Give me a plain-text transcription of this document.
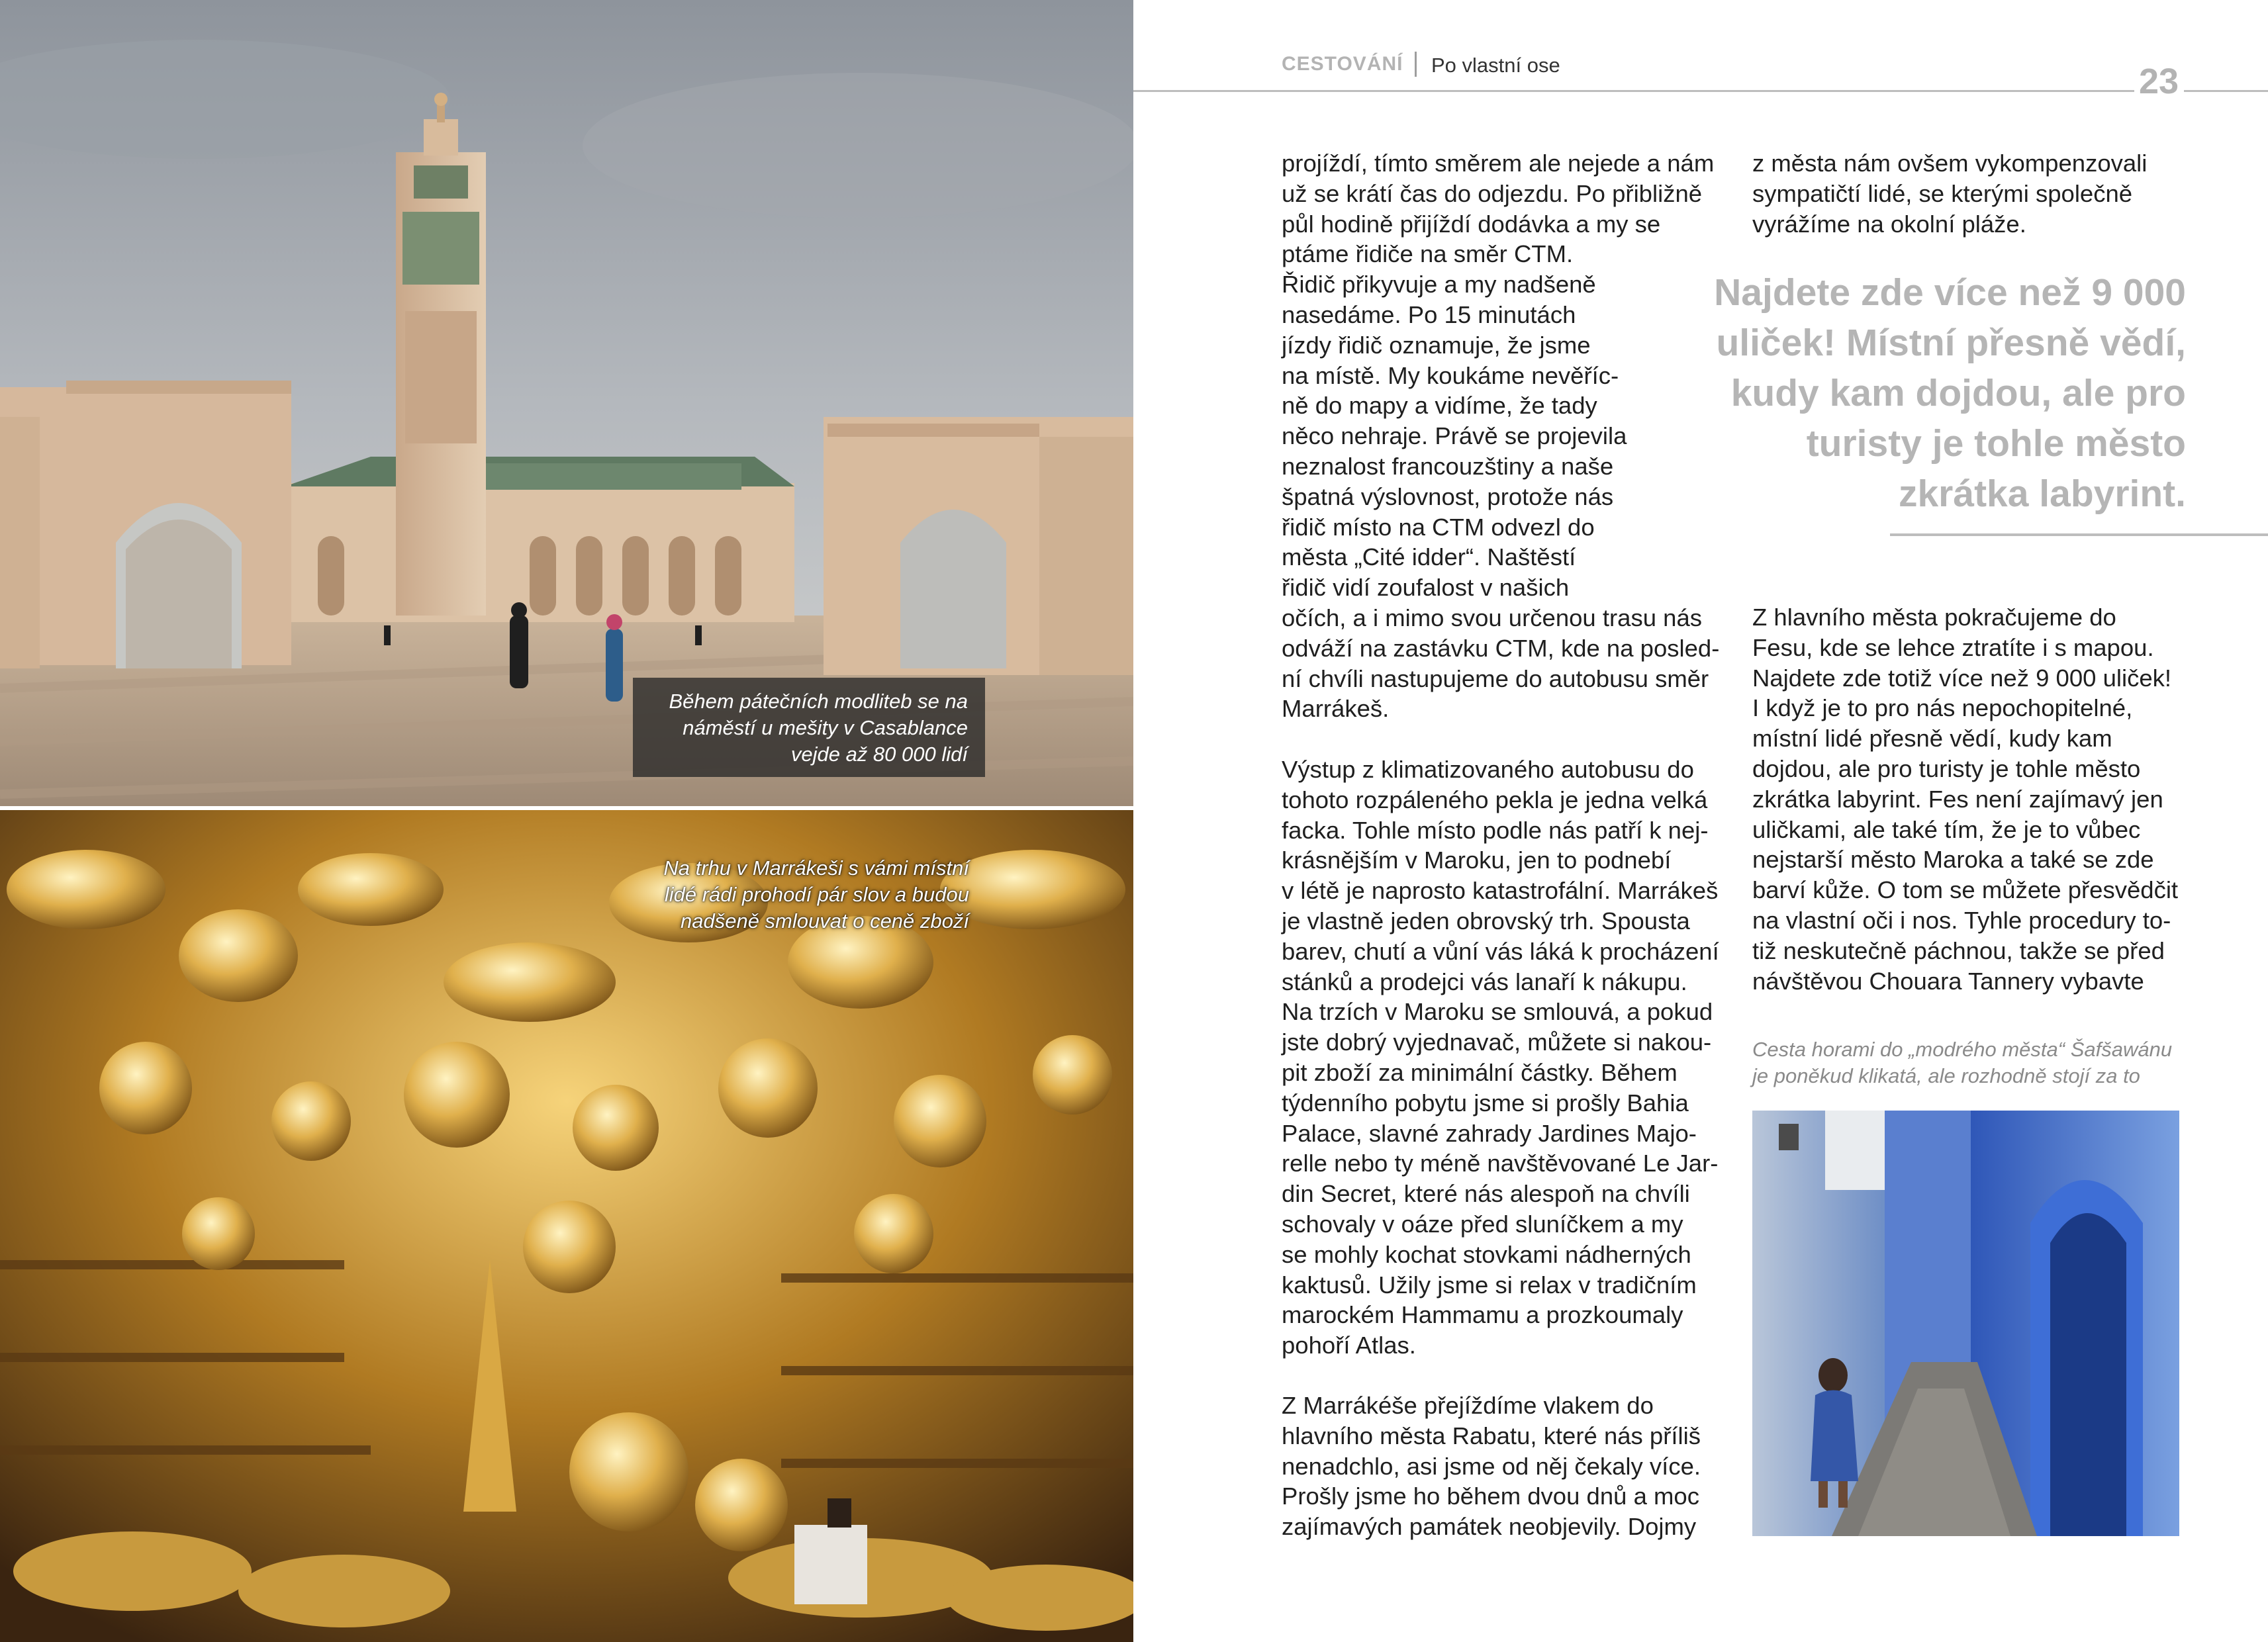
Během pátečních modliteb se na
náměstí u mešity v Casablance
vejde až 80 000 lidí
Na trhu v Marrákeši s vámi místní
lidé rádi prohodí pár slov a budou
nadšeně smlouvat o ceně zboží
CESTOVÁNÍ Po vlastní ose	23
projíždí, tímto směrem ale nejede a nám
už se krátí čas do odjezdu. Po přibližně
půl hodině přijíždí dodávka a my se
ptáme řidiče na směr CTM.
Řidič přikyvuje a my nadšeně
nasedáme. Po 15 minutách
jízdy řidič oznamuje, že jsme
na místě. My koukáme nevěříc-
ně do mapy a vidíme, že tady
něco nehraje. Právě se projevila
neznalost francouzštiny a naše
špatná výslovnost, protože nás
řidič místo na CTM odvezl do
města „Cité idder“. Naštěstí
řidič vidí zoufalost v našich
očích, a i mimo svou určenou trasu nás
odváží na zastávku CTM, kde na posled-
ní chvíli nastupujeme do autobusu směr
Marrákeš.
Výstup z klimatizovaného autobusu do
tohoto rozpáleného pekla je jedna velká
facka. Tohle místo podle nás patří k nej-
krásnějším v Maroku, jen to podnebí
v létě je naprosto katastrofální. Marrákeš
je vlastně jeden obrovský trh. Spousta
barev, chutí a vůní vás láká k procházení
stánků a prodejci vás lanaří k nákupu.
Na trzích v Maroku se smlouvá, a pokud
jste dobrý vyjednavač, můžete si nakou-
pit zboží za minimální částky. Během
týdenního pobytu jsme si prošly Bahia
Palace, slavné zahrady Jardines Majo-
relle nebo ty méně navštěvované Le Jar-
din Secret, které nás alespoň na chvíli
schovaly v oáze před sluníčkem a my
se mohly kochat stovkami nádherných
kaktusů. Užily jsme si relax v tradičním
marockém Hammamu a prozkoumaly
pohoří Atlas.
Z Marrákéše přejíždíme vlakem do
hlavního města Rabatu, které nás příliš
nenadchlo, asi jsme od něj čekaly více.
Prošly jsme ho během dvou dnů a moc
zajímavých památek neobjevily. Dojmy
z města nám ovšem vykompenzovali
sympatičtí lidé, se kterými společně
vyrážíme na okolní pláže.
Najdete zde více než 9 000
uliček! Místní přesně vědí,
kudy kam dojdou, ale pro
turisty je tohle město
zkrátka labyrint.
Z hlavního města pokračujeme do
Fesu, kde se lehce ztratíte i s mapou.
Najdete zde totiž více než 9 000 uliček!
I když je to pro nás nepochopitelné,
místní lidé přesně vědí, kudy kam
dojdou, ale pro turisty je tohle město
zkrátka labyrint. Fes není zajímavý jen
uličkami, ale také tím, že je to vůbec
nejstarší město Maroka a také se zde
barví kůže. O tom se můžete přesvědčit
na vlastní oči i nos. Tyhle procedury to-
tiž neskutečně páchnou, takže se před
návštěvou Chouara Tannery vybavte
Cesta horami do „modrého města“ Šafšawánu
je poněkud klikatá, ale rozhodně stojí za to
